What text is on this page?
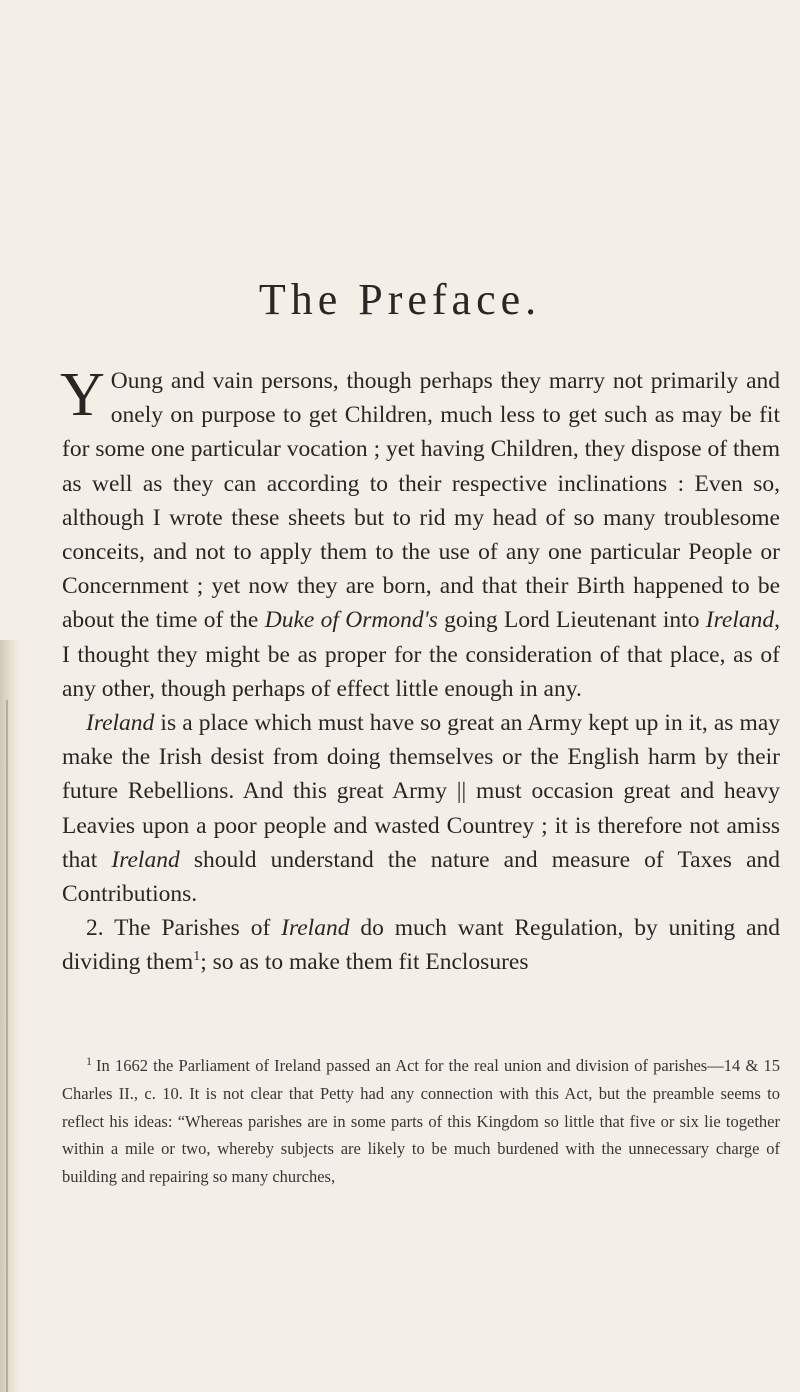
The Preface.

Y Oung and vain persons, though perhaps they marry not primarily and onely on purpose to get Children, much less to get such as may be fit for some one particular vocation ; yet having Children, they dispose of them as well as they can according to their respective inclinations : Even so, although I wrote these sheets but to rid my head of so many troublesome conceits, and not to apply them to the use of any one particular People or Concernment ; yet now they are born, and that their Birth happened to be about the time of the Duke of Ormond's going Lord Lieutenant into Ireland, I thought they might be as proper for the consideration of that place, as of any other, though perhaps of effect little enough in any.

Ireland is a place which must have so great an Army kept up in it, as may make the Irish desist from doing themselves or the English harm by their future Rebellions. And this great Army || must occasion great and heavy Leavies upon a poor people and wasted Countrey ; it is therefore not amiss that Ireland should understand the nature and measure of Taxes and Contributions.

2. The Parishes of Ireland do much want Regulation, by uniting and dividing them$^1$; so as to make them fit Enclosures

$^1$ In 1662 the Parliament of Ireland passed an Act for the real union and division of parishes—14 & 15 Charles II., c. 10. It is not clear that Petty had any connection with this Act, but the preamble seems to reflect his ideas: “Whereas parishes are in some parts of this Kingdom so little that five or six lie together within a mile or two, whereby subjects are likely to be much burdened with the unnecessary charge of building and repairing so many churches,
